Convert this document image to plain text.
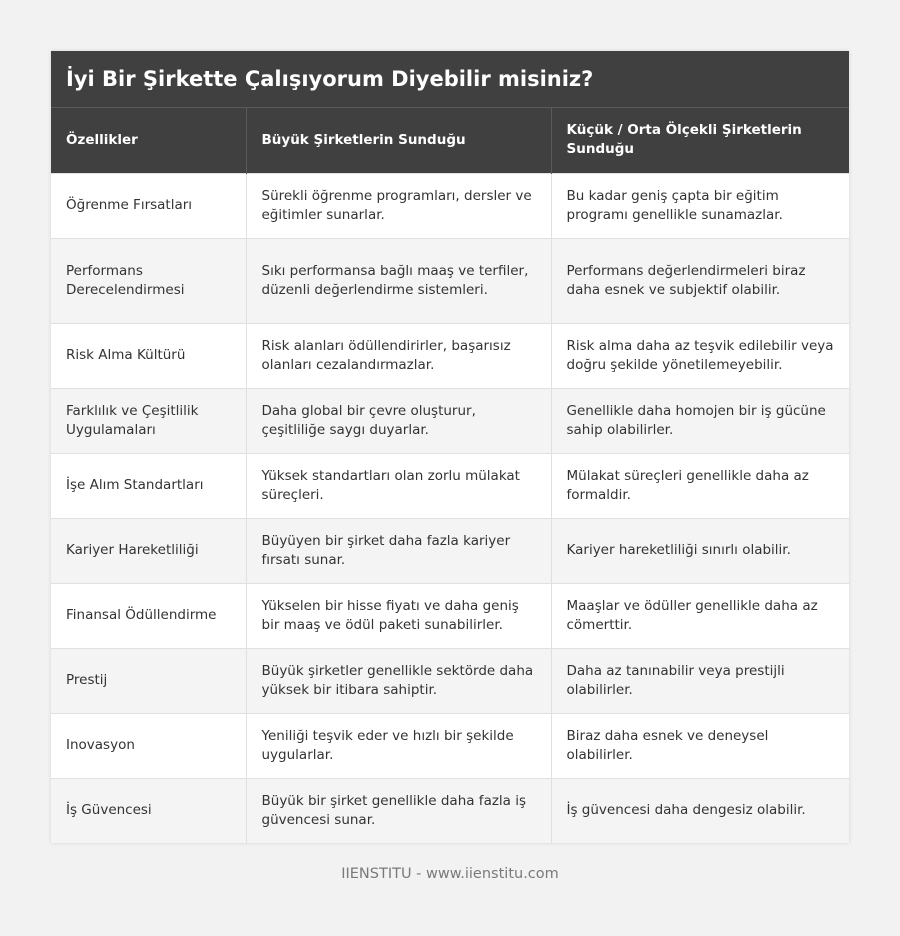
İyi Bir Şirkette Çalışıyorum Diyebilir misiniz?
Özellikler	Büyük Şirketlerin Sunduğu	Küçük / Orta Ölçekli Şirketlerin Sunduğu
Öğrenme Fırsatları	Sürekli öğrenme programları, dersler ve eğitimler sunarlar.	Bu kadar geniş çapta bir eğitim programı genellikle sunamazlar.
Performans Derecelendirmesi	Sıkı performansa bağlı maaş ve terfiler, düzenli değerlendirme sistemleri.	Performans değerlendirmeleri biraz daha esnek ve subjektif olabilir.
Risk Alma Kültürü	Risk alanları ödüllendirirler, başarısız olanları cezalandırmazlar.	Risk alma daha az teşvik edilebilir veya doğru şekilde yönetilemeyebilir.
Farklılık ve Çeşitlilik Uygulamaları	Daha global bir çevre oluşturur, çeşitliliğe saygı duyarlar.	Genellikle daha homojen bir iş gücüne sahip olabilirler.
İşe Alım Standartları	Yüksek standartları olan zorlu mülakat süreçleri.	Mülakat süreçleri genellikle daha az formaldir.
Kariyer Hareketliliği	Büyüyen bir şirket daha fazla kariyer fırsatı sunar.	Kariyer hareketliliği sınırlı olabilir.
Finansal Ödüllendirme	Yükselen bir hisse fiyatı ve daha geniş bir maaş ve ödül paketi sunabilirler.	Maaşlar ve ödüller genellikle daha az cömerttir.
Prestij	Büyük şirketler genellikle sektörde daha yüksek bir itibara sahiptir.	Daha az tanınabilir veya prestijli olabilirler.
Inovasyon	Yeniliği teşvik eder ve hızlı bir şekilde uygularlar.	Biraz daha esnek ve deneysel olabilirler.
İş Güvencesi	Büyük bir şirket genellikle daha fazla iş güvencesi sunar.	İş güvencesi daha dengesiz olabilir.
IIENSTITU - www.iienstitu.com
